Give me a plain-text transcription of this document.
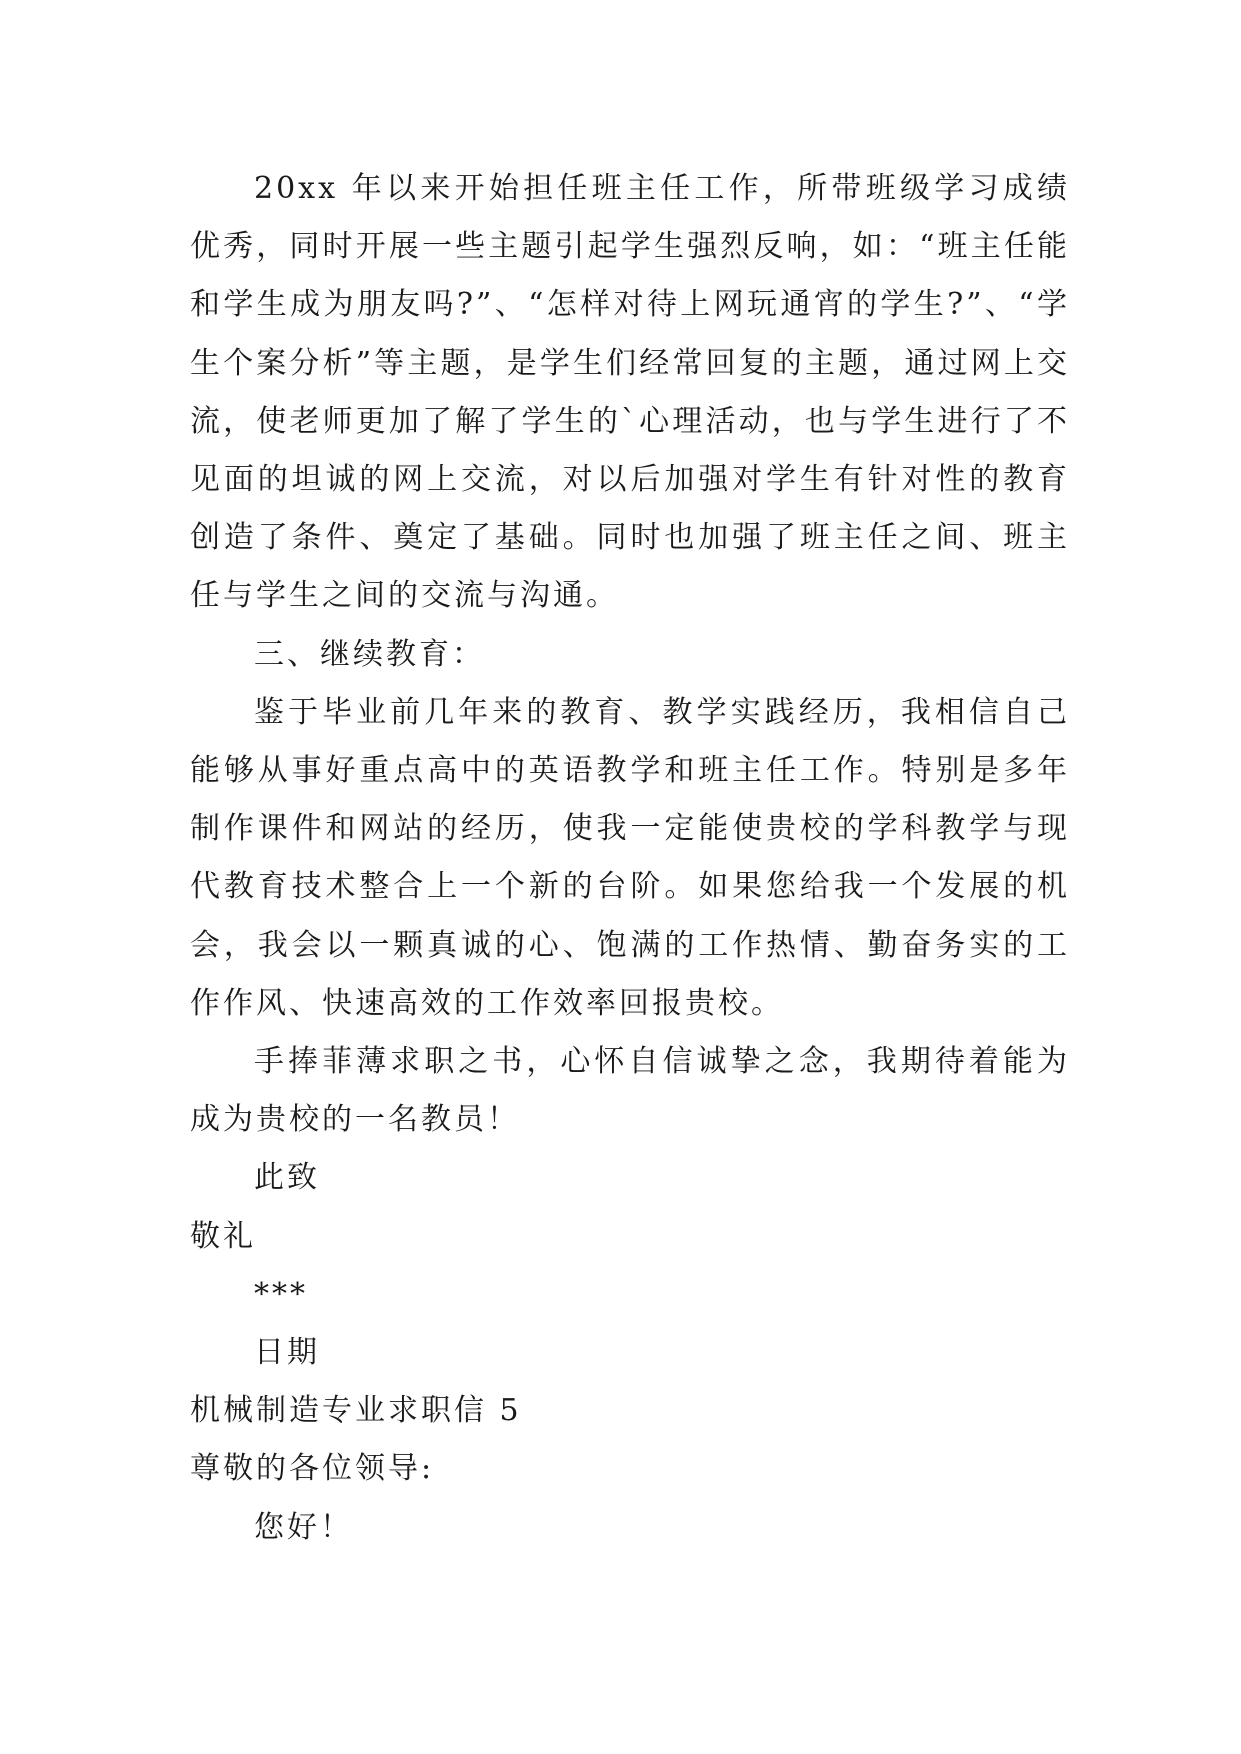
20xx 年以来开始担任班主任工作，所带班级学习成绩优秀，同时开展一些主题引起学生强烈反响，如：“班主任能和学生成为朋友吗?”、“怎样对待上网玩通宵的学生?”、“学生个案分析”等主题，是学生们经常回复的主题，通过网上交流，使老师更加了解了学生的`心理活动，也与学生进行了不见面的坦诚的网上交流，对以后加强对学生有针对性的教育创造了条件、奠定了基础。同时也加强了班主任之间、班主任与学生之间的交流与沟通。

三、继续教育：

鉴于毕业前几年来的教育、教学实践经历，我相信自己能够从事好重点高中的英语教学和班主任工作。特别是多年制作课件和网站的经历，使我一定能使贵校的学科教学与现代教育技术整合上一个新的台阶。如果您给我一个发展的机会，我会以一颗真诚的心、饱满的工作热情、勤奋务实的工作作风、快速高效的工作效率回报贵校。

手捧菲薄求职之书，心怀自信诚挚之念，我期待着能为成为贵校的一名教员！

此致

敬礼

***

日期

机械制造专业求职信 5

尊敬的各位领导:

您好！
